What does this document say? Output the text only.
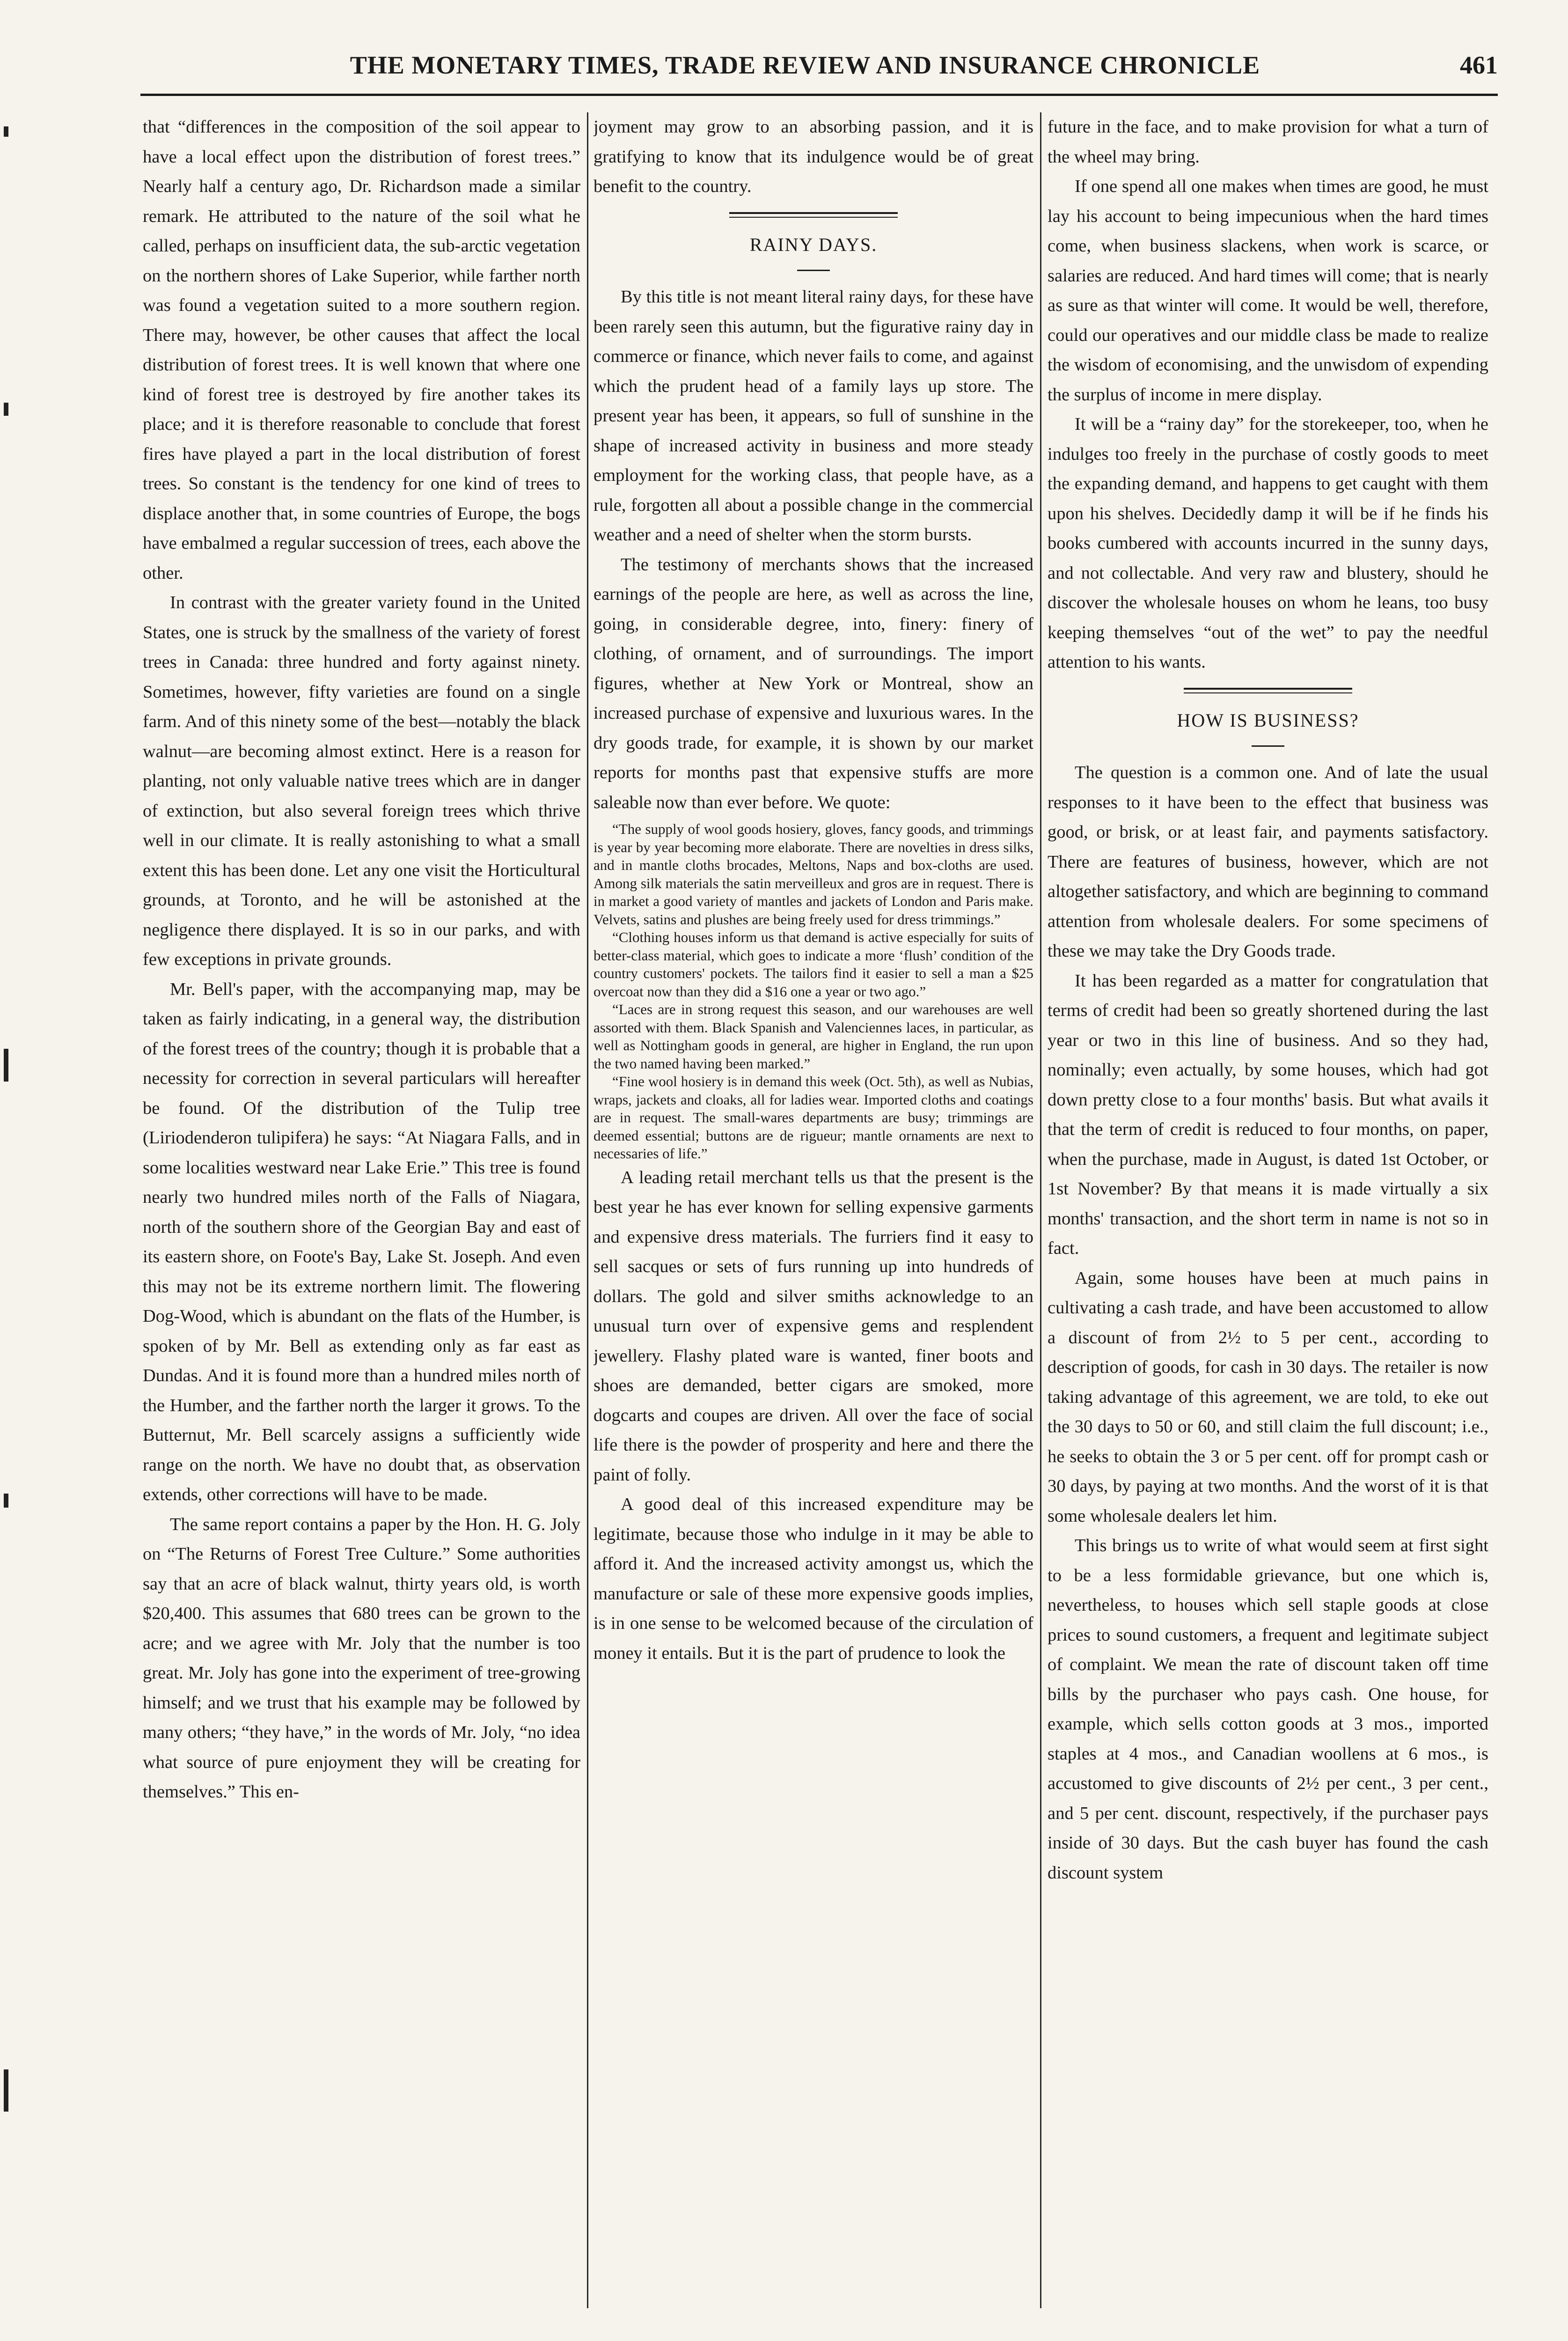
THE MONETARY TIMES, TRADE REVIEW AND INSURANCE CHRONICLE	461

that “differences in the composition of the soil appear to have a local effect upon the distribution of forest trees.” Nearly half a century ago, Dr. Richardson made a similar remark. He attributed to the nature of the soil what he called, perhaps on insufficient data, the sub-arctic vegetation on the northern shores of Lake Superior, while farther north was found a vegetation suited to a more southern region. There may, however, be other causes that affect the local distribution of forest trees. It is well known that where one kind of forest tree is destroyed by fire another takes its place; and it is therefore reasonable to conclude that forest fires have played a part in the local distribution of forest trees. So constant is the tendency for one kind of trees to displace another that, in some countries of Europe, the bogs have embalmed a regular succession of trees, each above the other.

In contrast with the greater variety found in the United States, one is struck by the smallness of the variety of forest trees in Canada: three hundred and forty against ninety. Sometimes, however, fifty varieties are found on a single farm. And of this ninety some of the best—notably the black walnut—are becoming almost extinct. Here is a reason for planting, not only valuable native trees which are in danger of extinction, but also several foreign trees which thrive well in our climate. It is really astonishing to what a small extent this has been done. Let any one visit the Horticultural grounds, at Toronto, and he will be astonished at the negligence there displayed. It is so in our parks, and with few exceptions in private grounds.

Mr. Bell's paper, with the accompanying map, may be taken as fairly indicating, in a general way, the distribution of the forest trees of the country; though it is probable that a necessity for correction in several particulars will hereafter be found. Of the distribution of the Tulip tree (Liriodenderon tulipifera) he says: “At Niagara Falls, and in some localities westward near Lake Erie.” This tree is found nearly two hundred miles north of the Falls of Niagara, north of the southern shore of the Georgian Bay and east of its eastern shore, on Foote's Bay, Lake St. Joseph. And even this may not be its extreme northern limit. The flowering Dog-Wood, which is abundant on the flats of the Humber, is spoken of by Mr. Bell as extending only as far east as Dundas. And it is found more than a hundred miles north of the Humber, and the farther north the larger it grows. To the Butternut, Mr. Bell scarcely assigns a sufficiently wide range on the north. We have no doubt that, as observation extends, other corrections will have to be made.

The same report contains a paper by the Hon. H. G. Joly on “The Returns of Forest Tree Culture.” Some authorities say that an acre of black walnut, thirty years old, is worth $20,400. This assumes that 680 trees can be grown to the acre; and we agree with Mr. Joly that the number is too great. Mr. Joly has gone into the experiment of tree-growing himself; and we trust that his example may be followed by many others; “they have,” in the words of Mr. Joly, “no idea what source of pure enjoyment they will be creating for themselves.” This en-

joyment may grow to an absorbing passion, and it is gratifying to know that its indulgence would be of great benefit to the country.

RAINY DAYS.

By this title is not meant literal rainy days, for these have been rarely seen this autumn, but the figurative rainy day in commerce or finance, which never fails to come, and against which the prudent head of a family lays up store. The present year has been, it appears, so full of sunshine in the shape of increased activity in business and more steady employment for the working class, that people have, as a rule, forgotten all about a possible change in the commercial weather and a need of shelter when the storm bursts.

The testimony of merchants shows that the increased earnings of the people are here, as well as across the line, going, in considerable degree, into, finery: finery of clothing, of ornament, and of surroundings. The import figures, whether at New York or Montreal, show an increased purchase of expensive and luxurious wares. In the dry goods trade, for example, it is shown by our market reports for months past that expensive stuffs are more saleable now than ever before. We quote:

“The supply of wool goods hosiery, gloves, fancy goods, and trimmings is year by year becoming more elaborate. There are novelties in dress silks, and in mantle cloths brocades, Meltons, Naps and box-cloths are used. Among silk materials the satin merveilleux and gros are in request. There is in market a good variety of mantles and jackets of London and Paris make. Velvets, satins and plushes are being freely used for dress trimmings.”

“Clothing houses inform us that demand is active especially for suits of better-class material, which goes to indicate a more ‘flush’ condition of the country customers' pockets. The tailors find it easier to sell a man a $25 overcoat now than they did a $16 one a year or two ago.”

“Laces are in strong request this season, and our warehouses are well assorted with them. Black Spanish and Valenciennes laces, in particular, as well as Nottingham goods in general, are higher in England, the run upon the two named having been marked.”

“Fine wool hosiery is in demand this week (Oct. 5th), as well as Nubias, wraps, jackets and cloaks, all for ladies wear. Imported cloths and coatings are in request. The small-wares departments are busy; trimmings are deemed essential; buttons are de rigueur; mantle ornaments are next to necessaries of life.”

A leading retail merchant tells us that the present is the best year he has ever known for selling expensive garments and expensive dress materials. The furriers find it easy to sell sacques or sets of furs running up into hundreds of dollars. The gold and silver smiths acknowledge to an unusual turn over of expensive gems and resplendent jewellery. Flashy plated ware is wanted, finer boots and shoes are demanded, better cigars are smoked, more dogcarts and coupes are driven. All over the face of social life there is the powder of prosperity and here and there the paint of folly.

A good deal of this increased expenditure may be legitimate, because those who indulge in it may be able to afford it. And the increased activity amongst us, which the manufacture or sale of these more expensive goods implies, is in one sense to be welcomed because of the circulation of money it entails. But it is the part of prudence to look the

future in the face, and to make provision for what a turn of the wheel may bring.

If one spend all one makes when times are good, he must lay his account to being impecunious when the hard times come, when business slackens, when work is scarce, or salaries are reduced. And hard times will come; that is nearly as sure as that winter will come. It would be well, therefore, could our operatives and our middle class be made to realize the wisdom of economising, and the unwisdom of expending the surplus of income in mere display.

It will be a “rainy day” for the storekeeper, too, when he indulges too freely in the purchase of costly goods to meet the expanding demand, and happens to get caught with them upon his shelves. Decidedly damp it will be if he finds his books cumbered with accounts incurred in the sunny days, and not collectable. And very raw and blustery, should he discover the wholesale houses on whom he leans, too busy keeping themselves “out of the wet” to pay the needful attention to his wants.

HOW IS BUSINESS?

The question is a common one. And of late the usual responses to it have been to the effect that business was good, or brisk, or at least fair, and payments satisfactory. There are features of business, however, which are not altogether satisfactory, and which are beginning to command attention from wholesale dealers. For some specimens of these we may take the Dry Goods trade.

It has been regarded as a matter for congratulation that terms of credit had been so greatly shortened during the last year or two in this line of business. And so they had, nominally; even actually, by some houses, which had got down pretty close to a four months' basis. But what avails it that the term of credit is reduced to four months, on paper, when the purchase, made in August, is dated 1st October, or 1st November? By that means it is made virtually a six months' transaction, and the short term in name is not so in fact.

Again, some houses have been at much pains in cultivating a cash trade, and have been accustomed to allow a discount of from 2½ to 5 per cent., according to description of goods, for cash in 30 days. The retailer is now taking advantage of this agreement, we are told, to eke out the 30 days to 50 or 60, and still claim the full discount; i.e., he seeks to obtain the 3 or 5 per cent. off for prompt cash or 30 days, by paying at two months. And the worst of it is that some wholesale dealers let him.

This brings us to write of what would seem at first sight to be a less formidable grievance, but one which is, nevertheless, to houses which sell staple goods at close prices to sound customers, a frequent and legitimate subject of complaint. We mean the rate of discount taken off time bills by the purchaser who pays cash. One house, for example, which sells cotton goods at 3 mos., imported staples at 4 mos., and Canadian woollens at 6 mos., is accustomed to give discounts of 2½ per cent., 3 per cent., and 5 per cent. discount, respectively, if the purchaser pays inside of 30 days. But the cash buyer has found the cash discount system
